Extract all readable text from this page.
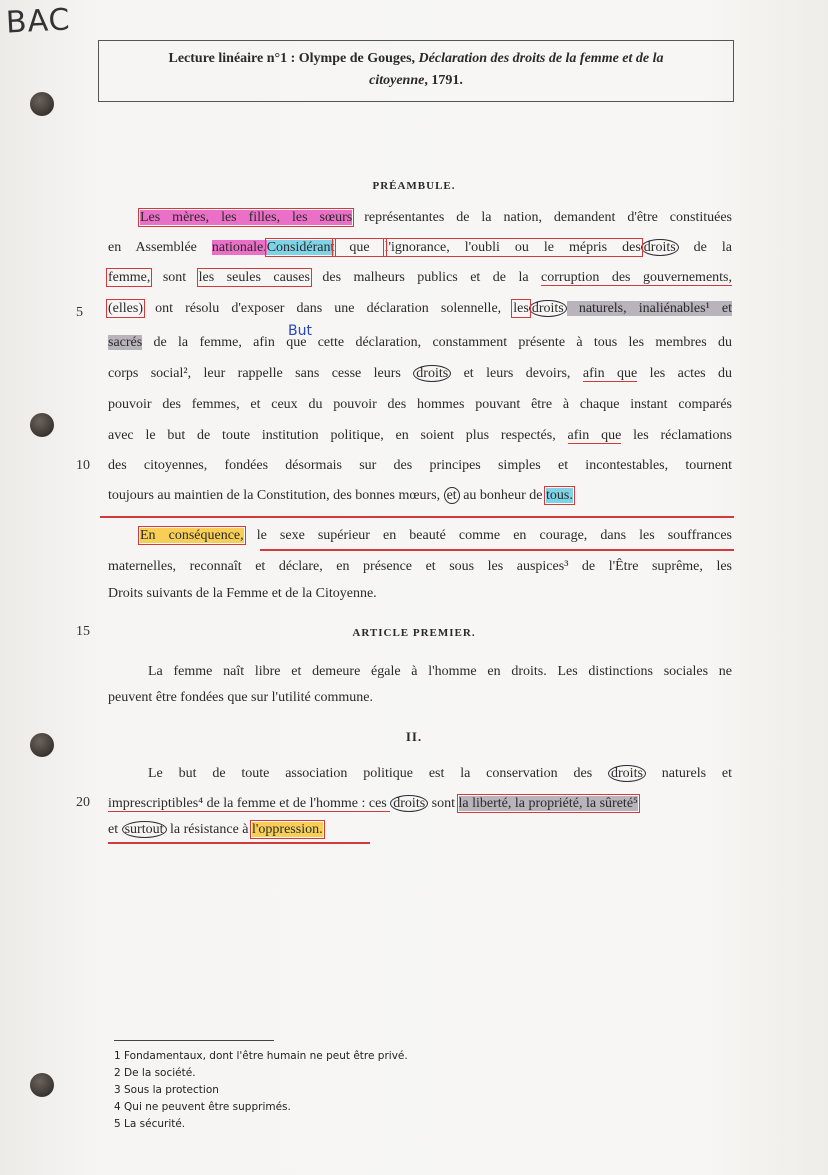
BAC
Lecture linéaire n°1 : Olympe de Gouges, Déclaration des droits de la femme et de la
citoyenne, 1791.
PRÉAMBULE.
But
5
10
15
20
Les mères, les filles, les sœurs représentantes de la nation, demandent d'être constituées
en Assemblée nationale.Considérant que l'ignorance, l'oubli ou le mépris des droits de la
femme, sont les seules causes des malheurs publics et de la corruption des gouvernements,
(elles) ont résolu d'exposer dans une déclaration solennelle, les droits naturels, inaliénables¹ et
sacrés de la femme, afin que cette déclaration, constamment présente à tous les membres du
corps social², leur rappelle sans cesse leurs droits et leurs devoirs, afin que les actes du
pouvoir des femmes, et ceux du pouvoir des hommes pouvant être à chaque instant comparés
avec le but de toute institution politique, en soient plus respectés, afin que les réclamations
des citoyennes, fondées désormais sur des principes simples et incontestables, tournent
toujours au maintien de la Constitution, des bonnes mœurs, et au bonheur de tous.
En conséquence, le sexe supérieur en beauté comme en courage, dans les souffrances
maternelles, reconnaît et déclare, en présence et sous les auspices³ de l'Être suprême, les
Droits suivants de la Femme et de la Citoyenne.
ARTICLE PREMIER.
La femme naît libre et demeure égale à l'homme en droits. Les distinctions sociales ne
peuvent être fondées que sur l'utilité commune.
II.
Le but de toute association politique est la conservation des droits naturels et
imprescriptibles⁴ de la femme et de l'homme : ces droits sont la liberté, la propriété, la sûreté⁵
et surtout la résistance à l'oppression.
1 Fondamentaux, dont l'être humain ne peut être privé.
2 De la société.
3 Sous la protection
4 Qui ne peuvent être supprimés.
5 La sécurité.
